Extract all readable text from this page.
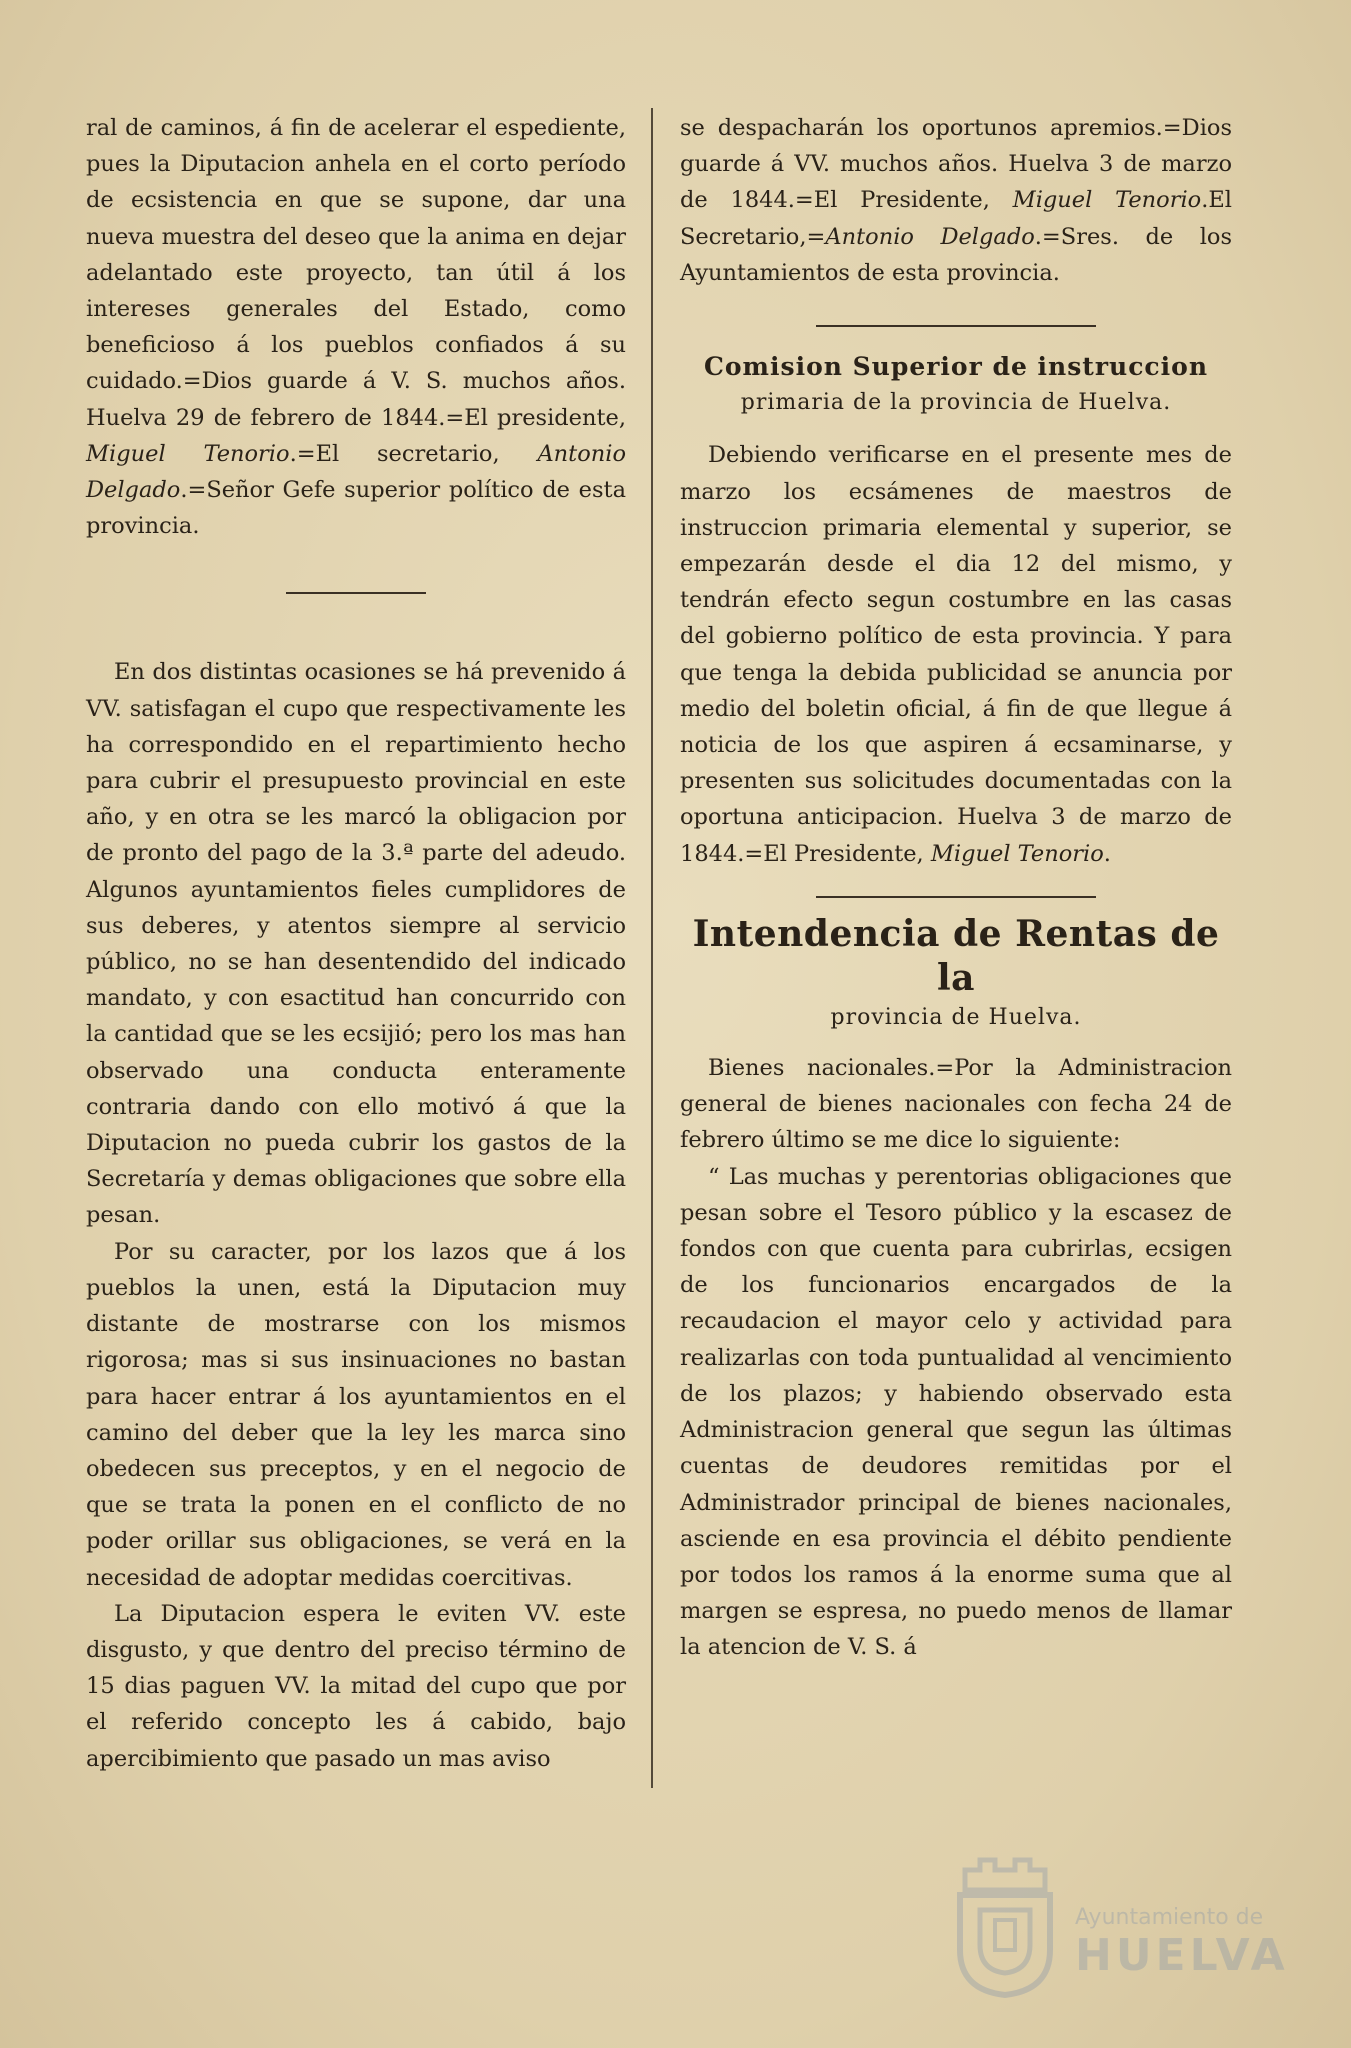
ral de caminos, á fin de acelerar el espediente, pues la Diputacion anhela en el corto período de ecsistencia en que se supone, dar una nueva muestra del deseo que la anima en dejar adelantado este proyecto, tan útil á los intereses generales del Estado, como beneficioso á los pueblos confiados á su cuidado.=Dios guarde á V. S. muchos años. Huelva 29 de febrero de 1844.=El presidente, Miguel Tenorio.=El secretario, Antonio Delgado.=Señor Gefe superior político de esta provincia.

En dos distintas ocasiones se há prevenido á VV. satisfagan el cupo que respectivamente les ha correspondido en el repartimiento hecho para cubrir el presupuesto provincial en este año, y en otra se les marcó la obligacion por de pronto del pago de la 3.ª parte del adeudo. Algunos ayuntamientos fieles cumplidores de sus deberes, y atentos siempre al servicio público, no se han desentendido del indicado mandato, y con esactitud han concurrido con la cantidad que se les ecsijió; pero los mas han observado una conducta enteramente contraria dando con ello motivó á que la Diputacion no pueda cubrir los gastos de la Secretaría y demas obligaciones que sobre ella pesan.

Por su caracter, por los lazos que á los pueblos la unen, está la Diputacion muy distante de mostrarse con los mismos rigorosa; mas si sus insinuaciones no bastan para hacer entrar á los ayuntamientos en el camino del deber que la ley les marca sino obedecen sus preceptos, y en el negocio de que se trata la ponen en el conflicto de no poder orillar sus obligaciones, se verá en la necesidad de adoptar medidas coercitivas.

La Diputacion espera le eviten VV. este disgusto, y que dentro del preciso término de 15 dias paguen VV. la mitad del cupo que por el referido concepto les á cabido, bajo apercibimiento que pasado un mas aviso

se despacharán los oportunos apremios.=Dios guarde á VV. muchos años. Huelva 3 de marzo de 1844.=El Presidente, Miguel Tenorio.El Secretario,=Antonio Delgado.=Sres. de los Ayuntamientos de esta provincia.

Comision Superior de instruccion

primaria de la provincia de Huelva.

Debiendo verificarse en el presente mes de marzo los ecsámenes de maestros de instruccion primaria elemental y superior, se empezarán desde el dia 12 del mismo, y tendrán efecto segun costumbre en las casas del gobierno político de esta provincia. Y para que tenga la debida publicidad se anuncia por medio del boletin oficial, á fin de que llegue á noticia de los que aspiren á ecsaminarse, y presenten sus solicitudes documentadas con la oportuna anticipacion. Huelva 3 de marzo de 1844.=El Presidente, Miguel Tenorio.

Intendencia de Rentas de la

provincia de Huelva.

Bienes nacionales.=Por la Administracion general de bienes nacionales con fecha 24 de febrero último se me dice lo siguiente:

“ Las muchas y perentorias obligaciones que pesan sobre el Tesoro público y la escasez de fondos con que cuenta para cubrirlas, ecsigen de los funcionarios encargados de la recaudacion el mayor celo y actividad para realizarlas con toda puntualidad al vencimiento de los plazos; y habiendo observado esta Administracion general que segun las últimas cuentas de deudores remitidas por el Administrador principal de bienes nacionales, asciende en esa provincia el débito pendiente por todos los ramos á la enorme suma que al margen se espresa, no puedo menos de llamar la atencion de V. S. á

Ayuntamiento de
HUELVA
